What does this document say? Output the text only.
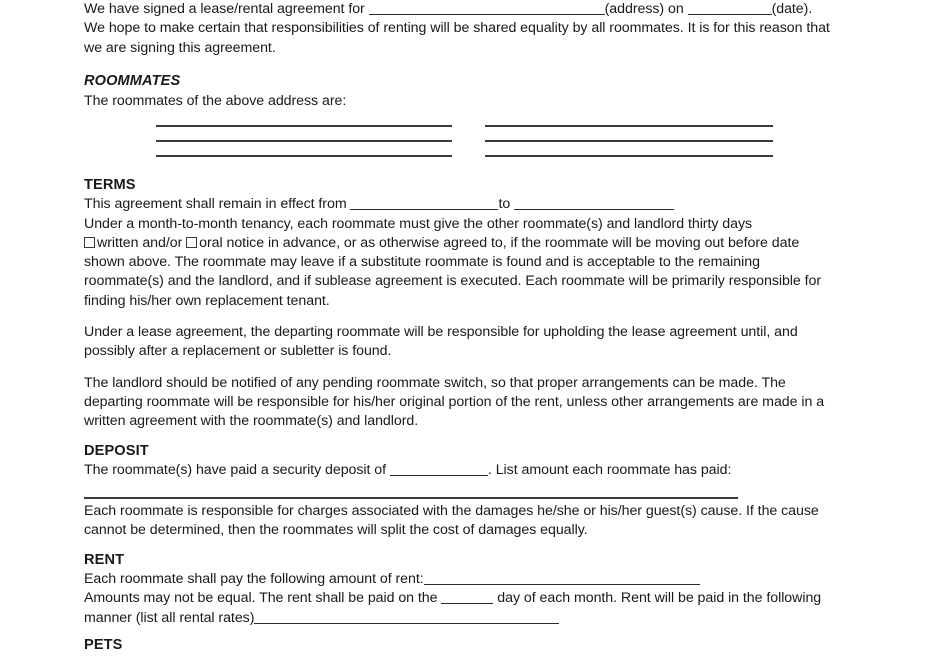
We have signed a lease/rental agreement for	(address) on	(date).

We hope to make certain that responsibilities of renting will be shared equality by all roommates. It is for this reason that we are signing this agreement.

ROOMMATES

The roommates of the above address are:

TERMS

This agreement shall remain in effect from	to

Under a month-to-month tenancy, each roommate must give the other roommate(s) and landlord thirty days
written and/or oral notice in advance, or as otherwise agreed to, if the roommate will be moving out before date shown above. The roommate may leave if a substitute roommate is found and is acceptable to the remaining roommate(s) and the landlord, and if sublease agreement is executed. Each roommate will be primarily responsible for finding his/her own replacement tenant.

Under a lease agreement, the departing roommate will be responsible for upholding the lease agreement until, and possibly after a replacement or subletter is found.

The landlord should be notified of any pending roommate switch, so that proper arrangements can be made. The departing roommate will be responsible for his/her original portion of the rent, unless other arrangements are made in a written agreement with the roommate(s) and landlord.

DEPOSIT

The roommate(s) have paid a security deposit of	. List amount each roommate has paid:

Each roommate is responsible for charges associated with the damages he/she or his/her guest(s) cause. If the cause cannot be determined, then the roommates will split the cost of damages equally.

RENT

Each roommate shall pay the following amount of rent:

Amounts may not be equal. The rent shall be paid on the	day of each month. Rent will be paid in the following manner (list all rental rates)

PETS
